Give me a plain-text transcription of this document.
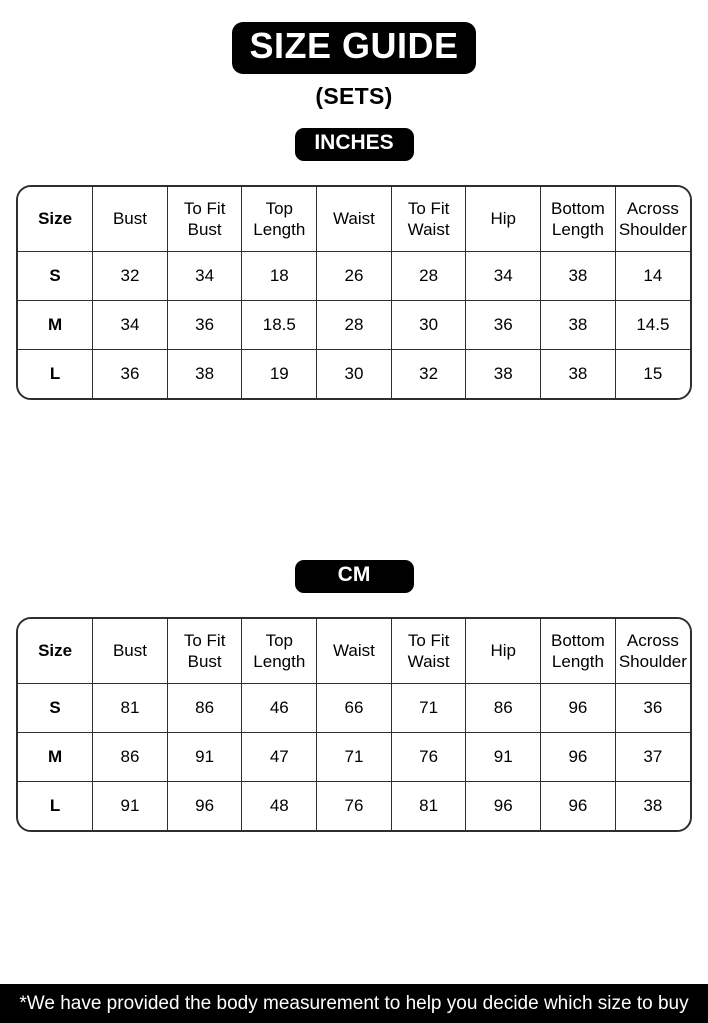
SIZE GUIDE
(SETS)
INCHES
Size	Bust	To Fit Bust	Top Length	Waist	To Fit Waist	Hip	Bottom Length	Across Shoulder
S	32	34	18	26	28	34	38	14
M	34	36	18.5	28	30	36	38	14.5
L	36	38	19	30	32	38	38	15
CM
Size	Bust	To Fit Bust	Top Length	Waist	To Fit Waist	Hip	Bottom Length	Across Shoulder
S	81	86	46	66	71	86	96	36
M	86	91	47	71	76	91	96	37
L	91	96	48	76	81	96	96	38
*We have provided the body measurement to help you decide which size to buy
